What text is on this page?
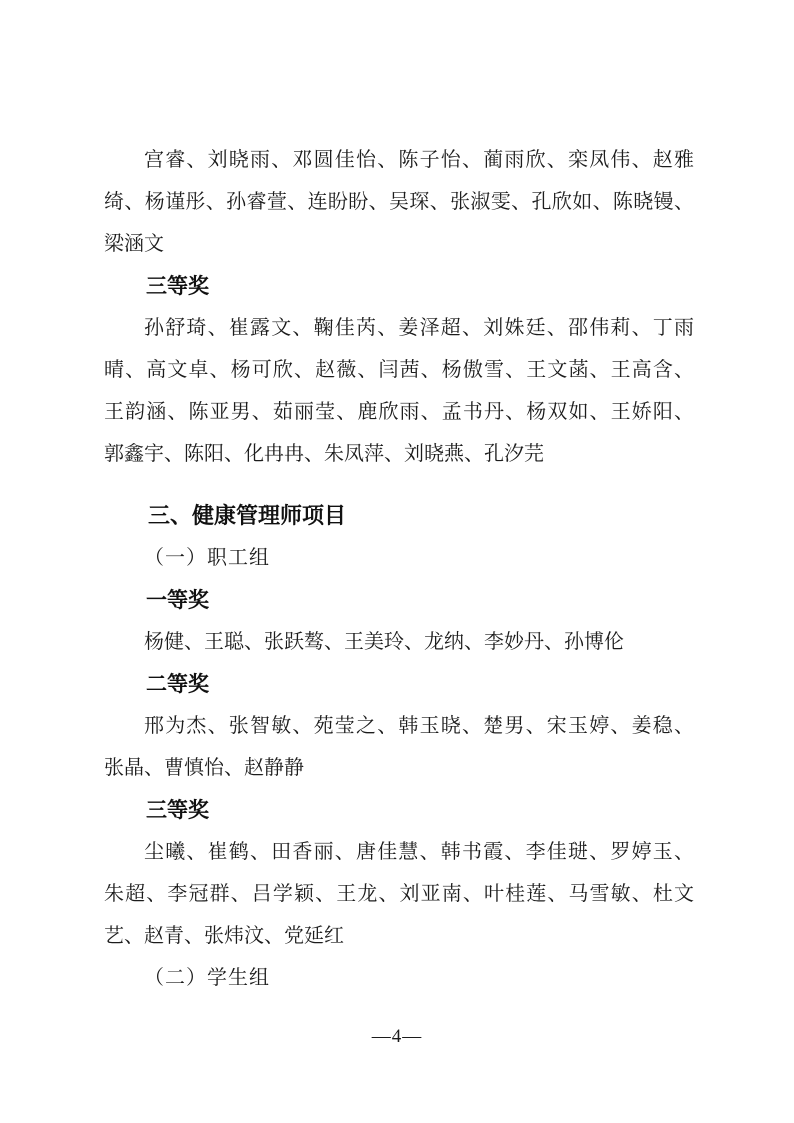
宫睿、刘晓雨、邓圆佳怡、陈子怡、蔺雨欣、栾凤伟、赵雅
绮、杨谨彤、孙睿萱、连盼盼、吴琛、张淑雯、孔欣如、陈晓镘、
梁涵文
三等奖
孙舒琦、崔露文、鞠佳芮、姜泽超、刘姝廷、邵伟莉、丁雨
晴、高文卓、杨可欣、赵薇、闫茜、杨傲雪、王文菡、王高含、
王韵涵、陈亚男、茹丽莹、鹿欣雨、孟书丹、杨双如、王娇阳、
郭鑫宇、陈阳、化冉冉、朱凤萍、刘晓燕、孔汐芫
三、健康管理师项目
（一）职工组
一等奖
杨健、王聪、张跃骜、王美玲、龙纳、李妙丹、孙博伦
二等奖
邢为杰、张智敏、苑莹之、韩玉晓、楚男、宋玉婷、姜稳、
张晶、曹慎怡、赵静静
三等奖
尘曦、崔鹤、田香丽、唐佳慧、韩书霞、李佳琎、罗婷玉、
朱超、李冠群、吕学颖、王龙、刘亚南、叶桂莲、马雪敏、杜文
艺、赵青、张炜汶、党延红
（二）学生组
—4—
